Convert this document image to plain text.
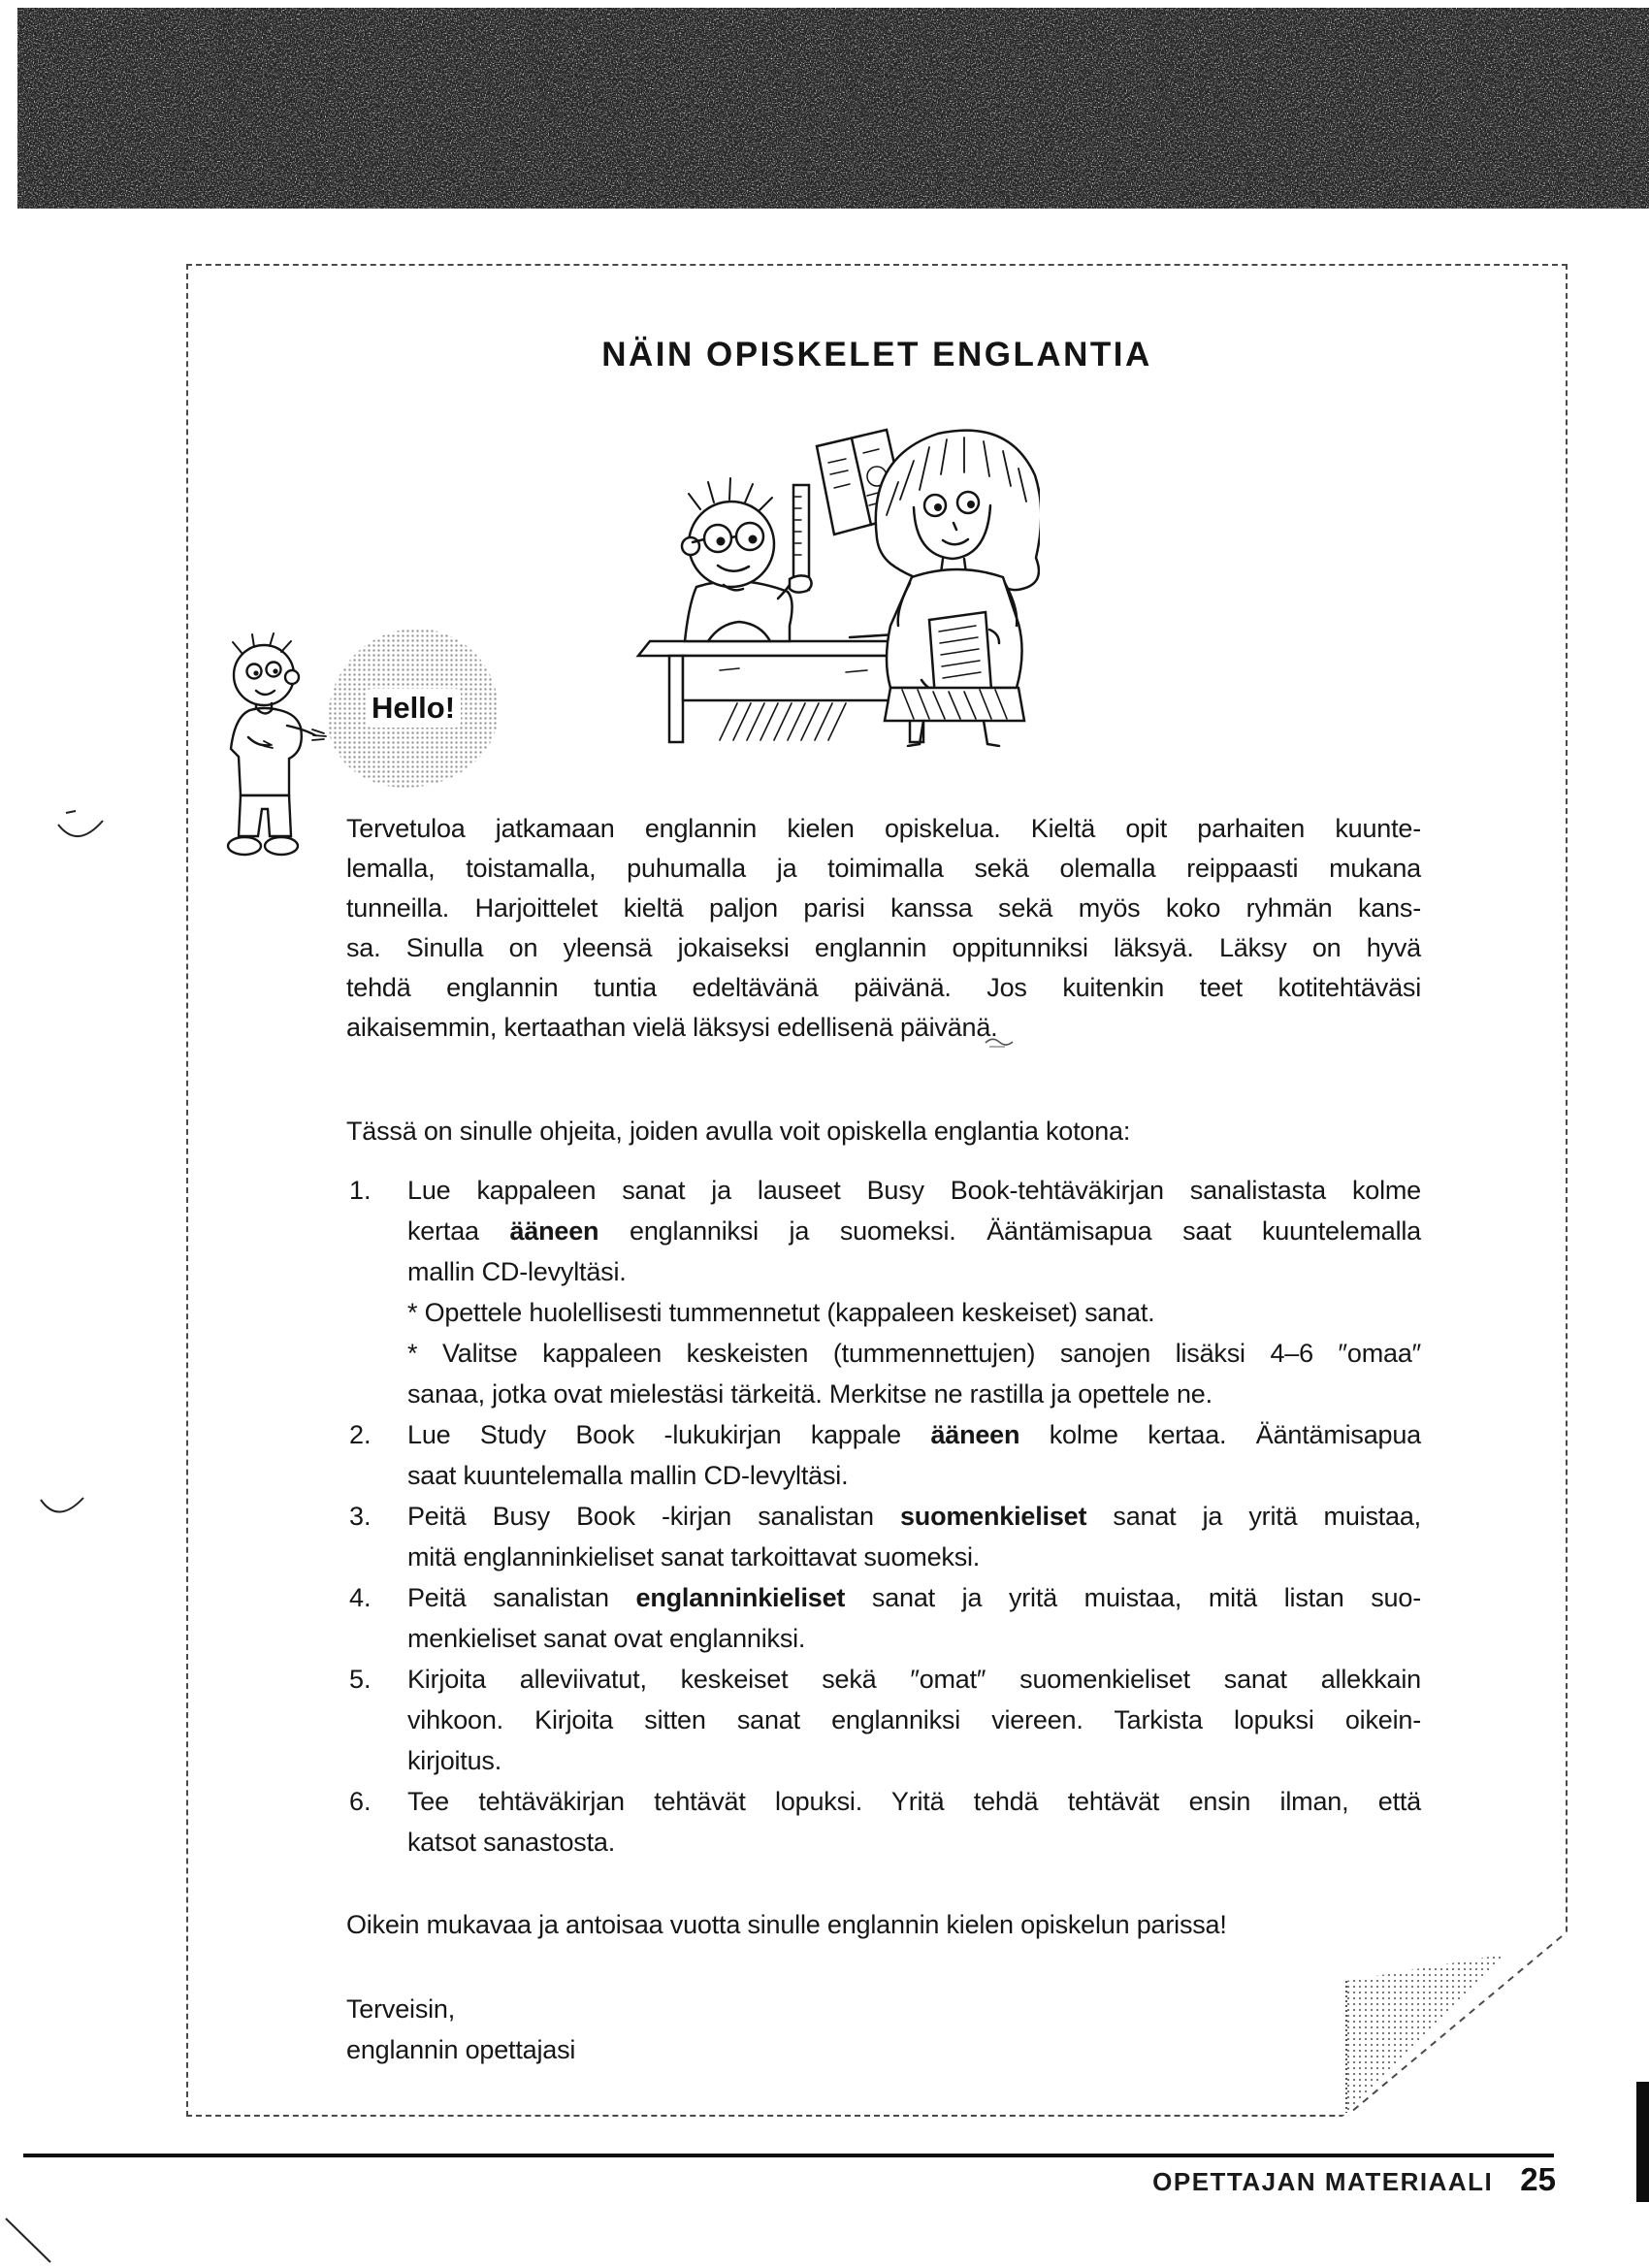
NÄIN OPISKELET ENGLANTIA
Hello!
Tervetuloa jatkamaan englannin kielen opiskelua. Kieltä opit parhaiten kuunte-
lemalla, toistamalla, puhumalla ja toimimalla sekä olemalla reippaasti mukana
tunneilla. Harjoittelet kieltä paljon parisi kanssa sekä myös koko ryhmän kans-
sa. Sinulla on yleensä jokaiseksi englannin oppitunniksi läksyä. Läksy on hyvä
tehdä englannin tuntia edeltävänä päivänä. Jos kuitenkin teet kotitehtäväsi
aikaisemmin, kertaathan vielä läksysi edellisenä päivänä.
Tässä on sinulle ohjeita, joiden avulla voit opiskella englantia kotona:
1.	Lue kappaleen sanat ja lauseet Busy Book-tehtäväkirjan sanalistasta kolme
kertaa ääneen englanniksi ja suomeksi. Ääntämisapua saat kuuntelemalla
mallin CD-levyltäsi.
* Opettele huolellisesti tummennetut (kappaleen keskeiset) sanat.
* Valitse kappaleen keskeisten (tummennettujen) sanojen lisäksi 4–6 ″omaa″
sanaa, jotka ovat mielestäsi tärkeitä. Merkitse ne rastilla ja opettele ne.
2.	Lue Study Book -lukukirjan kappale ääneen kolme kertaa. Ääntämisapua
saat kuuntelemalla mallin CD-levyltäsi.
3.	Peitä Busy Book -kirjan sanalistan suomenkieliset sanat ja yritä muistaa,
mitä englanninkieliset sanat tarkoittavat suomeksi.
4.	Peitä sanalistan englanninkieliset sanat ja yritä muistaa, mitä listan suo-
menkieliset sanat ovat englanniksi.
5.	Kirjoita alleviivatut, keskeiset sekä ″omat″ suomenkieliset sanat allekkain
vihkoon. Kirjoita sitten sanat englanniksi viereen. Tarkista lopuksi oikein-
kirjoitus.
6.	Tee tehtäväkirjan tehtävät lopuksi. Yritä tehdä tehtävät ensin ilman, että
katsot sanastosta.
Oikein mukavaa ja antoisaa vuotta sinulle englannin kielen opiskelun parissa!
Terveisin,
englannin opettajasi
OPETTAJAN MATERIAALI 25
